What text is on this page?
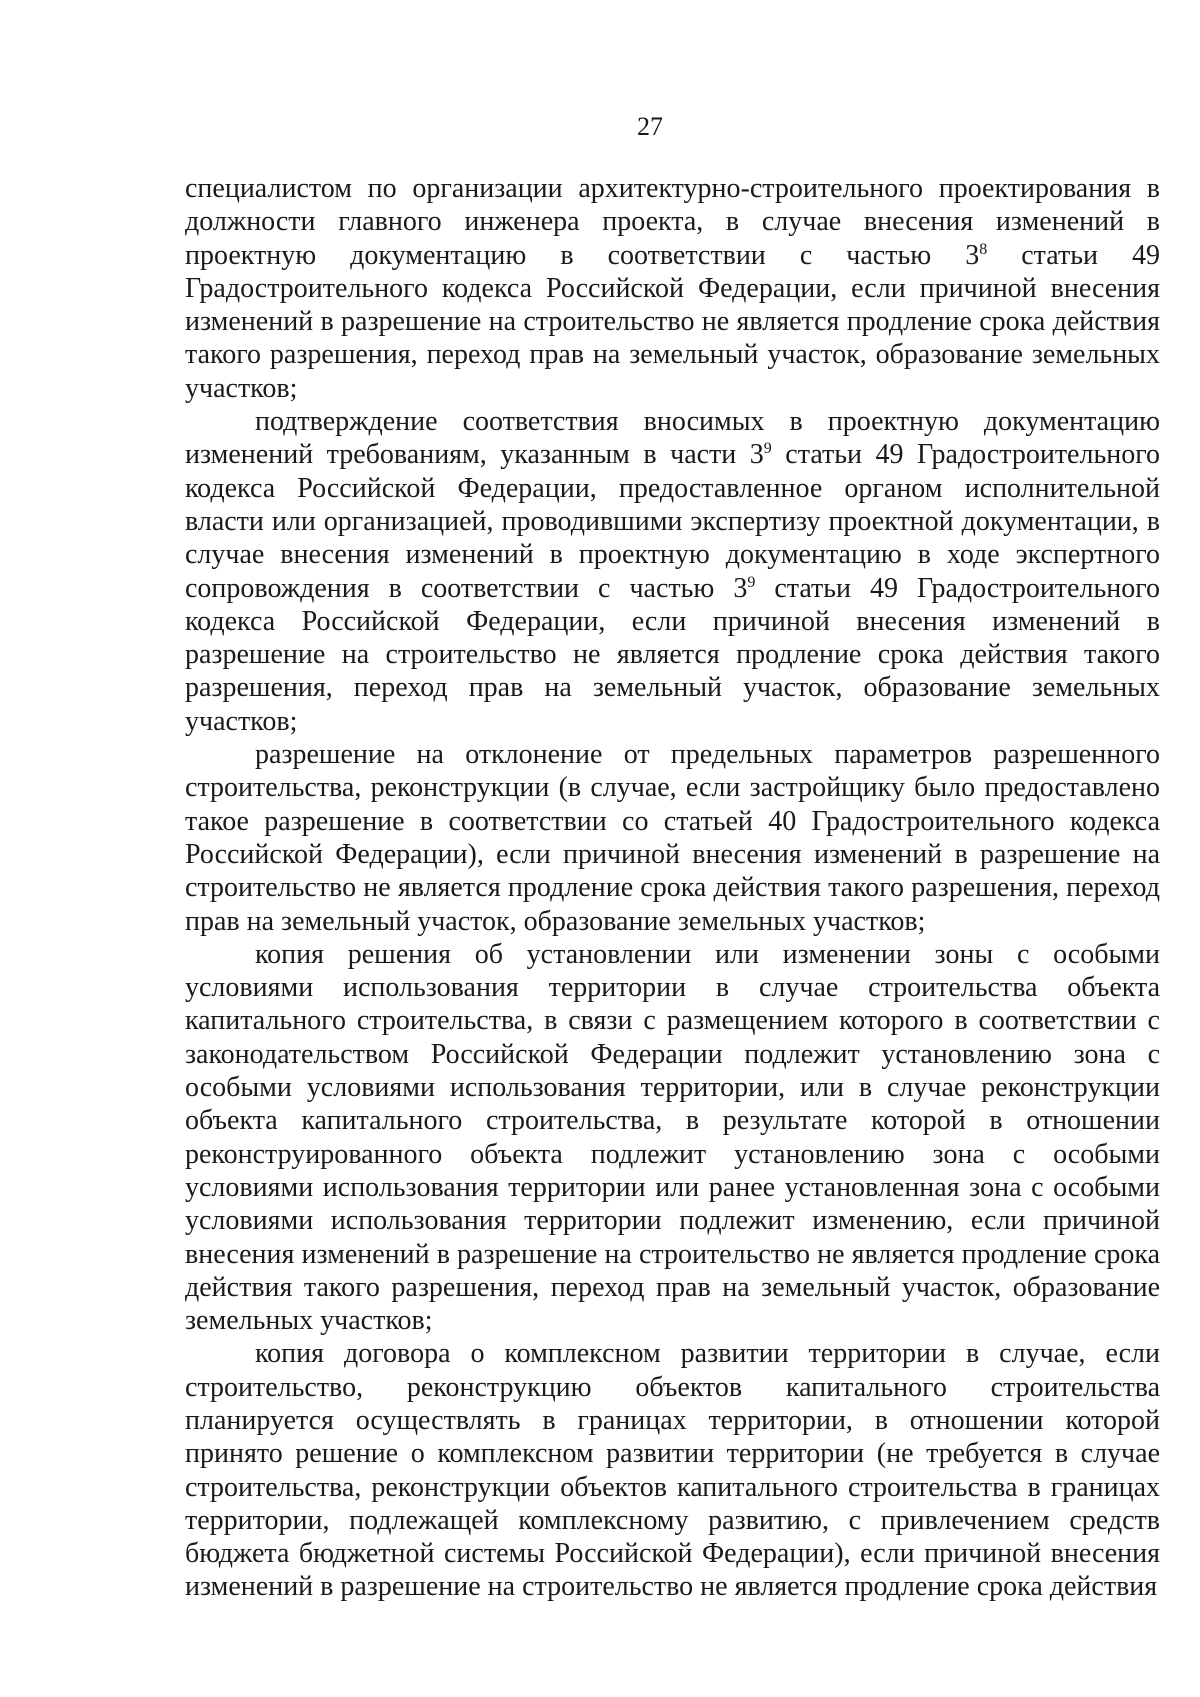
27

специалистом по организации архитектурно-строительного проектирования в должности главного инженера проекта, в случае внесения изменений в проектную документацию в соответствии с частью $3^8$ статьи 49 Градостроительного кодекса Российской Федерации, если причиной внесения изменений в разрешение на строительство не является продление срока действия такого разрешения, переход прав на земельный участок, образование земельных участков;

подтверждение соответствия вносимых в проектную документацию изменений требованиям, указанным в части $3^9$ статьи 49 Градостроительного кодекса Российской Федерации, предоставленное органом исполнительной власти или организацией, проводившими экспертизу проектной документации, в случае внесения изменений в проектную документацию в ходе экспертного сопровождения в соответствии с частью $3^9$ статьи 49 Градостроительного кодекса Российской Федерации, если причиной внесения изменений в разрешение на строительство не является продление срока действия такого разрешения, переход прав на земельный участок, образование земельных участков;

разрешение на отклонение от предельных параметров разрешенного строительства, реконструкции (в случае, если застройщику было предоставлено такое разрешение в соответствии со статьей 40 Градостроительного кодекса Российской Федерации), если причиной внесения изменений в разрешение на строительство не является продление срока действия такого разрешения, переход прав на земельный участок, образование земельных участков;

копия решения об установлении или изменении зоны с особыми условиями использования территории в случае строительства объекта капитального строительства, в связи с размещением которого в соответствии с законодательством Российской Федерации подлежит установлению зона с особыми условиями использования территории, или в случае реконструкции объекта капитального строительства, в результате которой в отношении реконструированного объекта подлежит установлению зона с особыми условиями использования территории или ранее установленная зона с особыми условиями использования территории подлежит изменению, если причиной внесения изменений в разрешение на строительство не является продление срока действия такого разрешения, переход прав на земельный участок, образование земельных участков;

копия договора о комплексном развитии территории в случае, если строительство, реконструкцию объектов капитального строительства планируется осуществлять в границах территории, в отношении которой принято решение о комплексном развитии территории (не требуется в случае строительства, реконструкции объектов капитального строительства в границах территории, подлежащей комплексному развитию, с привлечением средств бюджета бюджетной системы Российской Федерации), если причиной внесения изменений в разрешение на строительство не является продление срока действия
